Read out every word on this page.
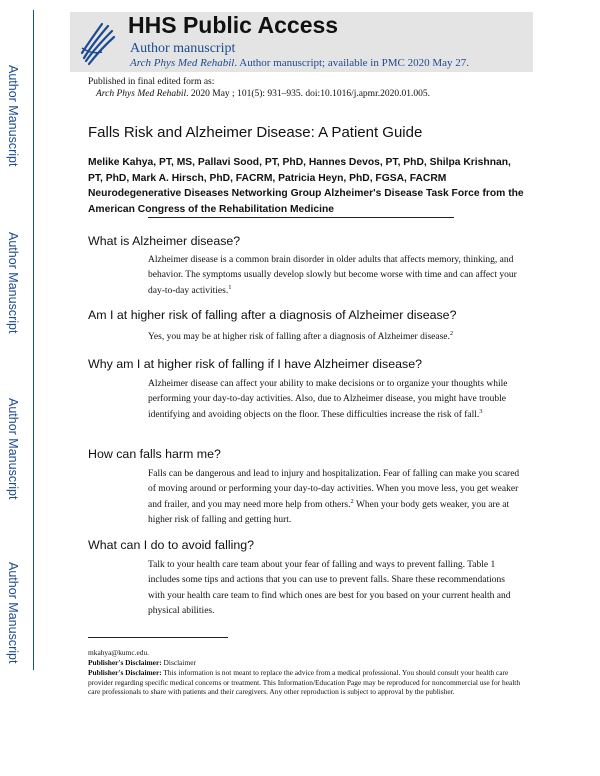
Author Manuscript
Author Manuscript
Author Manuscript
Author Manuscript
HHS Public Access
Author manuscript
Arch Phys Med Rehabil. Author manuscript; available in PMC 2020 May 27.
Published in final edited form as:
Arch Phys Med Rehabil. 2020 May ; 101(5): 931–935. doi:10.1016/j.apmr.2020.01.005.
Falls Risk and Alzheimer Disease: A Patient Guide
Melike Kahya, PT, MS, Pallavi Sood, PT, PhD, Hannes Devos, PT, PhD, Shilpa Krishnan, PT, PhD, Mark A. Hirsch, PhD, FACRM, Patricia Heyn, PhD, FGSA, FACRM Neurodegenerative Diseases Networking Group Alzheimer's Disease Task Force from the American Congress of the Rehabilitation Medicine
What is Alzheimer disease?
Alzheimer disease is a common brain disorder in older adults that affects memory, thinking, and behavior. The symptoms usually develop slowly but become worse with time and can affect your day-to-day activities.$^1$
Am I at higher risk of falling after a diagnosis of Alzheimer disease?
Yes, you may be at higher risk of falling after a diagnosis of Alzheimer disease.$^2$
Why am I at higher risk of falling if I have Alzheimer disease?
Alzheimer disease can affect your ability to make decisions or to organize your thoughts while performing your day-to-day activities. Also, due to Alzheimer disease, you might have trouble identifying and avoiding objects on the floor. These difficulties increase the risk of fall.$^3$
How can falls harm me?
Falls can be dangerous and lead to injury and hospitalization. Fear of falling can make you scared of moving around or performing your day-to-day activities. When you move less, you get weaker and frailer, and you may need more help from others.$^2$ When your body gets weaker, you are at higher risk of falling and getting hurt.
What can I do to avoid falling?
Talk to your health care team about your fear of falling and ways to prevent falling. Table 1 includes some tips and actions that you can use to prevent falls. Share these recommendations with your health care team to find which ones are best for you based on your current health and physical abilities.
mkahya@kumc.edu.
Publisher's Disclaimer: Disclaimer
Publisher's Disclaimer: This information is not meant to replace the advice from a medical professional. You should consult your health care provider regarding specific medical concerns or treatment. This Information/Education Page may be reproduced for noncommercial use for health care professionals to share with patients and their caregivers. Any other reproduction is subject to approval by the publisher.
